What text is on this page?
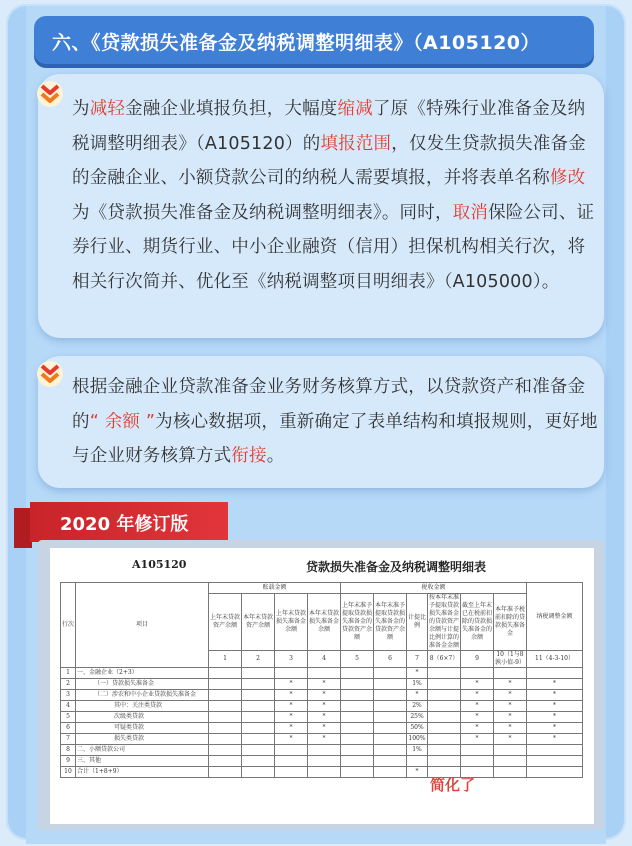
六、《贷款损失准备金及纳税调整明细表》（A105120）
为减轻金融企业填报负担，大幅度缩减了原《特殊行业准备金及纳税调整明细表》（A105120）的填报范围，仅发生贷款损失准备金的金融企业、小额贷款公司的纳税人需要填报，并将表单名称修改为《贷款损失准备金及纳税调整明细表》。同时，取消保险公司、证券行业、期货行业、中小企业融资（信用）担保机构相关行次，将相关行次简并、优化至《纳税调整项目明细表》（A105000）。
根据金融企业贷款准备金业务财务核算方式，以贷款资产和准备金的“ 余额 ”为核心数据项，重新确定了表单结构和填报规则，更好地与企业财务核算方式衔接。
2020 年修订版
A105120	贷款损失准备金及纳税调整明细表
行次	项目	账载金额				税收金额						纳税调整金额
		上年末贷款资产余额	本年末贷款资产余额	上年末贷款损失准备金余额	本年末贷款损失准备金余额	上年末准予提取贷款损失准备金的贷款资产余额	本年末准予提取贷款损失准备金的贷款资产余额	计提比例	按本年末准予提取贷款损失准备金的贷款资产余额与计提比例计算的准备金金额	截至上年末已在税前扣除的贷款损失准备金的余额	本年准予税前扣除的贷款损失准备金	
		1	2	3	4	5	6	7	8（6×7）	9	10（1与8孰小值-9）	11（4-3-10）
1	一、金融企业（2+3）							*				
2	（一）贷款损失准备金			*	*			1%		*	*	*
3	（二）涉农和中小企业贷款损失准备金			*	*			*		*	*	*
4	其中：关注类贷款			*	*			2%		*	*	*
5	次级类贷款			*	*			25%		*	*	*
6	可疑类贷款			*	*			50%		*	*	*
7	损失类贷款			*	*			100%		*	*	*
8	二、小额贷款公司							1%				
9	三、其他											
10	合计（1+8+9）							*				
简化了
